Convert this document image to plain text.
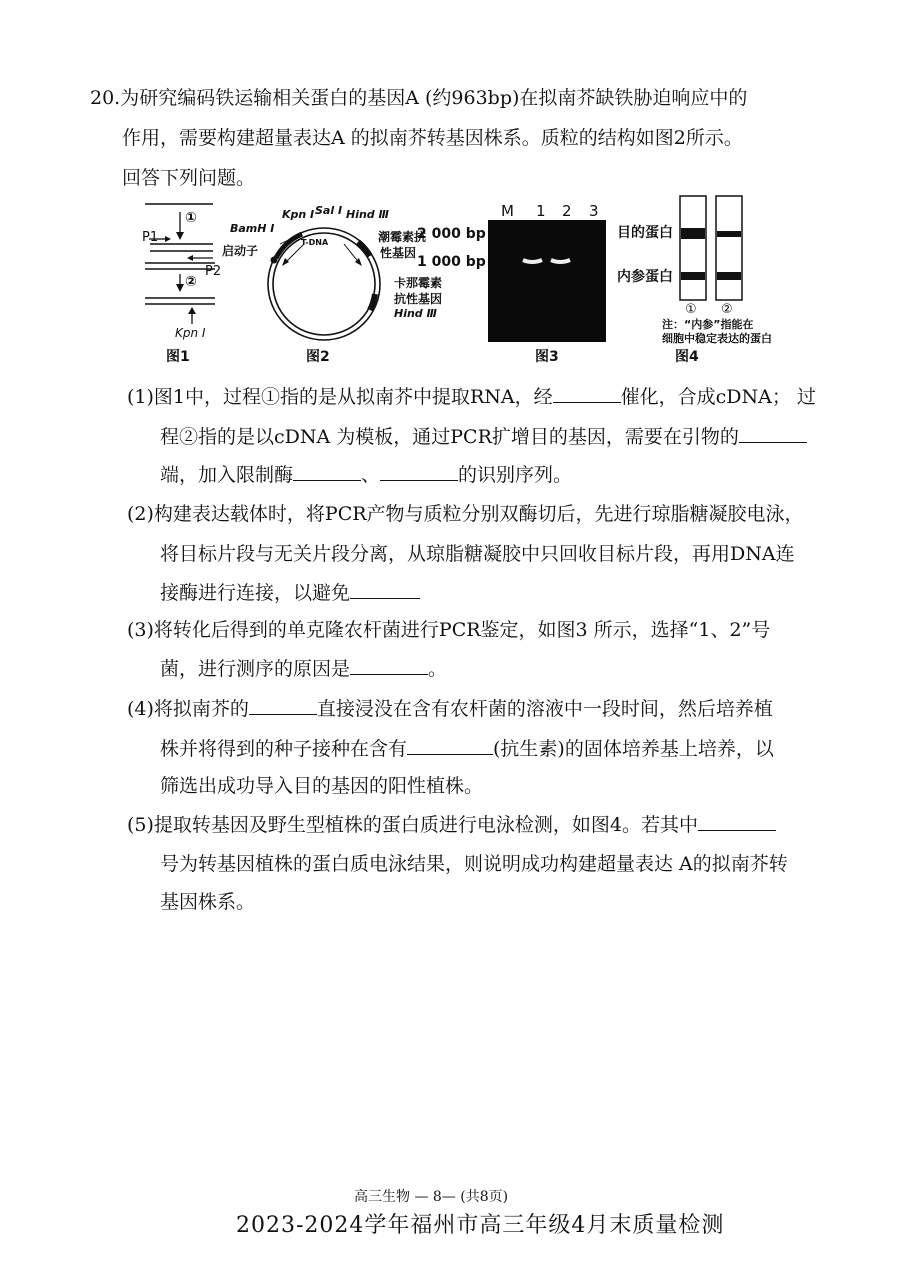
20.为研究编码铁运输相关蛋白的基因A (约963bp)在拟南芥缺铁胁迫响应中的
作用，需要构建超量表达A 的拟南芥转基因株系。质粒的结构如图2所示。
回答下列问题。
①
②
P1
P2
Kpn Ⅰ
图1
T-DNA
BamH Ⅰ
Kpn Ⅰ Sal Ⅰ Hind Ⅲ
启动子
潮霉素抗
性基因
卡那霉素
抗性基因
Hind Ⅲ
图2
2 000 bp
1 000 bp
M 1 2 3
图3
目的蛋白
内参蛋白
① ②
注：“内参”指能在
细胞中稳定表达的蛋白
图4
(1)图1中，过程①指的是从拟南芥中提取RNA，经	催化，合成cDNA； 过
程②指的是以cDNA 为模板，通过PCR扩增目的基因，需要在引物的
端，加入限制酶	、	的识别序列。
(2)构建表达载体时，将PCR产物与质粒分别双酶切后，先进行琼脂糖凝胶电泳，
将目标片段与无关片段分离，从琼脂糖凝胶中只回收目标片段，再用DNA连
接酶进行连接，以避免
(3)将转化后得到的单克隆农杆菌进行PCR鉴定，如图3 所示，选择“1、2”号
菌，进行测序的原因是	。
(4)将拟南芥的	直接浸没在含有农杆菌的溶液中一段时间，然后培养植
株并将得到的种子接种在含有	(抗生素)的固体培养基上培养，以
筛选出成功导入目的基因的阳性植株。
(5)提取转基因及野生型植株的蛋白质进行电泳检测，如图4。若其中
号为转基因植株的蛋白质电泳结果，则说明成功构建超量表达 A的拟南芥转
基因株系。
高三生物 — 8— (共8页)
2023-2024学年福州市高三年级4月末质量检测
